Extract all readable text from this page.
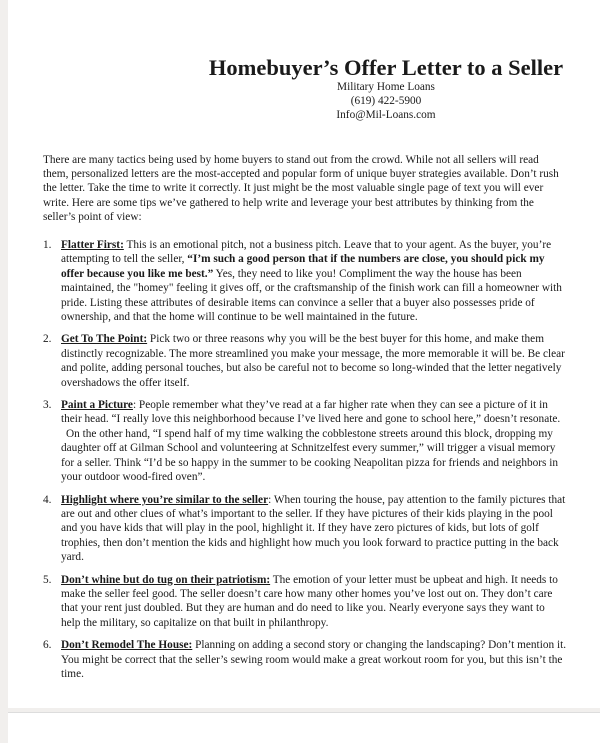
Homebuyer’s Offer Letter to a Seller
Military Home Loans
(619) 422-5900
Info@Mil-Loans.com
There are many tactics being used by home buyers to stand out from the crowd. While not all sellers will read them, personalized letters are the most-accepted and popular form of unique buyer strategies available. Don’t rush the letter. Take the time to write it correctly. It just might be the most valuable single page of text you will ever write. Here are some tips we’ve gathered to help write and leverage your best attributes by thinking from the seller’s point of view:
1. Flatter First: This is an emotional pitch, not a business pitch. Leave that to your agent. As the buyer, you’re attempting to tell the seller, “I’m such a good person that if the numbers are close, you should pick my offer because you like me best.” Yes, they need to like you! Compliment the way the house has been maintained, the "homey" feeling it gives off, or the craftsmanship of the finish work can fill a homeowner with pride. Listing these attributes of desirable items can convince a seller that a buyer also possesses pride of ownership, and that the home will continue to be well maintained in the future.
2. Get To The Point: Pick two or three reasons why you will be the best buyer for this home, and make them distinctly recognizable. The more streamlined you make your message, the more memorable it will be. Be clear and polite, adding personal touches, but also be careful not to become so long-winded that the letter negatively overshadows the offer itself.
3. Paint a Picture: People remember what they’ve read at a far higher rate when they can see a picture of it in their head. “I really love this neighborhood because I’ve lived here and gone to school here,” doesn’t resonate.
On the other hand, “I spend half of my time walking the cobblestone streets around this block, dropping my daughter off at Gilman School and volunteering at Schnitzelfest every summer,” will trigger a visual memory for a seller. Think “I’d be so happy in the summer to be cooking Neapolitan pizza for friends and neighbors in your outdoor wood-fired oven”.
4. Highlight where you’re similar to the seller: When touring the house, pay attention to the family pictures that are out and other clues of what’s important to the seller. If they have pictures of their kids playing in the pool and you have kids that will play in the pool, highlight it. If they have zero pictures of kids, but lots of golf trophies, then don’t mention the kids and highlight how much you look forward to practice putting in the back yard.
5. Don’t whine but do tug on their patriotism: The emotion of your letter must be upbeat and high. It needs to make the seller feel good. The seller doesn’t care how many other homes you’ve lost out on. They don’t care that your rent just doubled. But they are human and do need to like you. Nearly everyone says they want to help the military, so capitalize on that built in philanthropy.
6. Don’t Remodel The House: Planning on adding a second story or changing the landscaping? Don’t mention it. You might be correct that the seller’s sewing room would make a great workout room for you, but this isn’t the time.
